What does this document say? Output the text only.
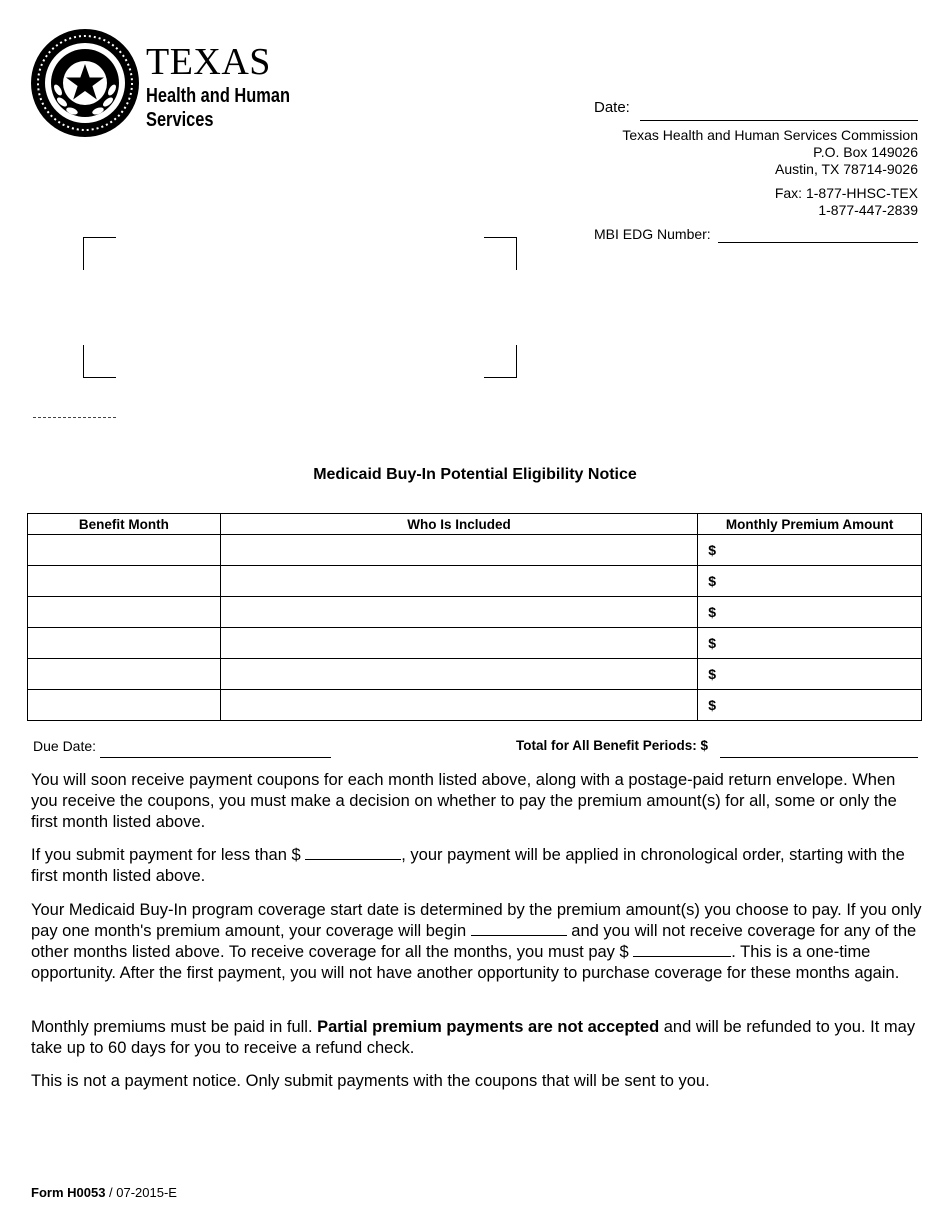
TEXAS
Health and Human
Services
Date:
Texas Health and Human Services Commission
P.O. Box 149026
Austin, TX 78714-9026
Fax: 1-877-HHSC-TEX
1-877-447-2839
MBI EDG Number:
Medicaid Buy-In Potential Eligibility Notice
Benefit Month	Who Is Included	Monthly Premium Amount
		$
		$
		$
		$
		$
		$
Due Date:	Total for All Benefit Periods: $

You will soon receive payment coupons for each month listed above, along with a postage-paid return envelope. When you receive the coupons, you must make a decision on whether to pay the premium amount(s) for all, some or only the first month listed above.

If you submit payment for less than $	, your payment will be applied in chronological order, starting with the first month listed above.

Your Medicaid Buy-In program coverage start date is determined by the premium amount(s) you choose to pay. If you only pay one month's premium amount, your coverage will begin	and you will not receive coverage for any of the other months listed above. To receive coverage for all the months, you must pay $	. This is a one-time opportunity. After the first payment, you will not have another opportunity to purchase coverage for these months again.

Monthly premiums must be paid in full. Partial premium payments are not accepted and will be refunded to you. It may take up to 60 days for you to receive a refund check.

This is not a payment notice. Only submit payments with the coupons that will be sent to you.

Form H0053 / 07-2015-E
